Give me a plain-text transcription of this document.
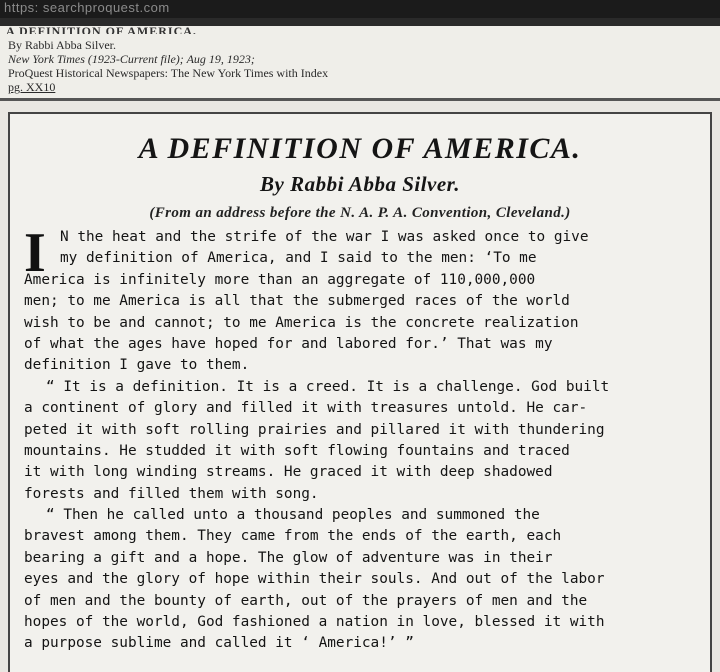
https: searchproquest.com
A DEFINITION OF AMERICA.
By Rabbi Abba Silver.
New York Times (1923-Current file); Aug 19, 1923;
ProQuest Historical Newspapers: The New York Times with Index
pg. XX10
A DEFINITION OF AMERICA.
By Rabbi Abba Silver.
(From an address before the N. A. P. A. Convention, Cleveland.)
I N the heat and the strife of the war I was asked once to give
my definition of America, and I said to the men: ‘To me
America is infinitely more than an aggregate of 110,000,000
men; to me America is all that the submerged races of the world
wish to be and cannot; to me America is the concrete realization
of what the ages have hoped for and labored for.’ That was my
definition I gave to them.
“ It is a definition. It is a creed. It is a challenge. God built
a continent of glory and filled it with treasures untold. He car-
peted it with soft rolling prairies and pillared it with thundering
mountains. He studded it with soft flowing fountains and traced
it with long winding streams. He graced it with deep shadowed
forests and filled them with song.
“ Then he called unto a thousand peoples and summoned the
bravest among them. They came from the ends of the earth, each
bearing a gift and a hope. The glow of adventure was in their
eyes and the glory of hope within their souls. And out of the labor
of men and the bounty of earth, out of the prayers of men and the
hopes of the world, God fashioned a nation in love, blessed it with
a purpose sublime and called it ‘ America!’ ”
